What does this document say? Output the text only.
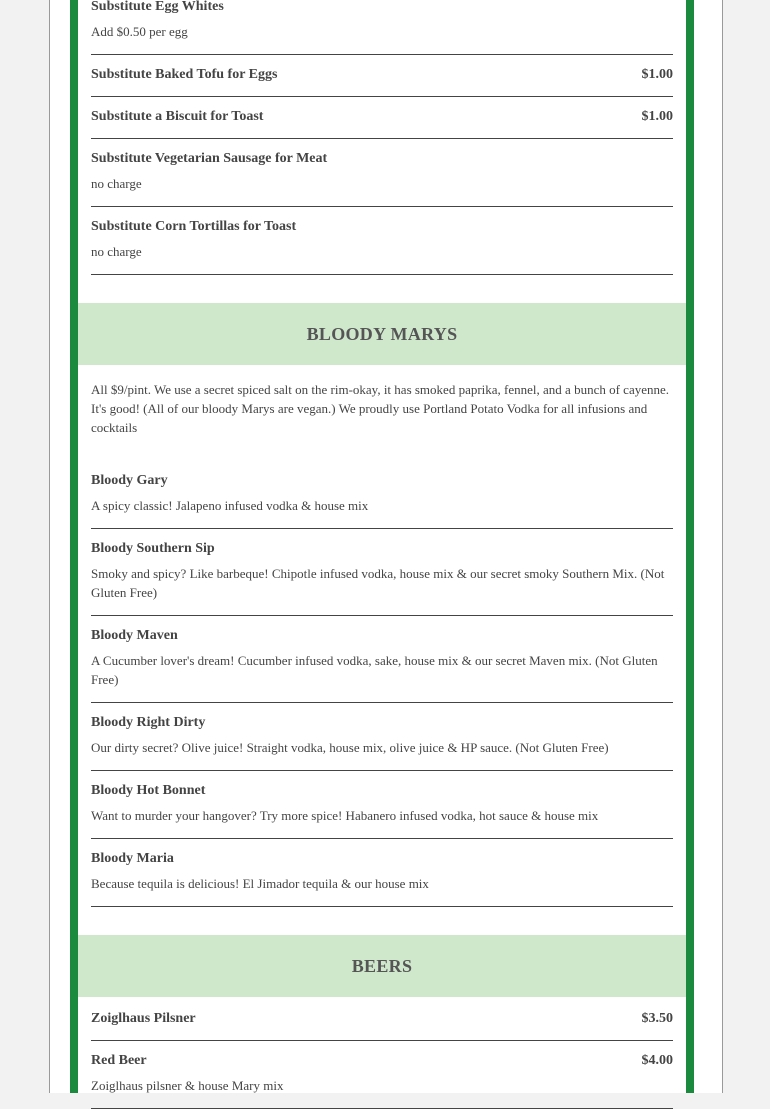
Substitute Egg Whites
Add $0.50 per egg
Substitute Baked Tofu for Eggs	$1.00
Substitute a Biscuit for Toast	$1.00
Substitute Vegetarian Sausage for Meat
no charge
Substitute Corn Tortillas for Toast
no charge
BLOODY MARYS
All $9/pint. We use a secret spiced salt on the rim-okay, it has smoked paprika, fennel, and a bunch of cayenne. It's good! (All of our bloody Marys are vegan.) We proudly use Portland Potato Vodka for all infusions and cocktails
Bloody Gary
A spicy classic! Jalapeno infused vodka & house mix
Bloody Southern Sip
Smoky and spicy? Like barbeque! Chipotle infused vodka, house mix & our secret smoky Southern Mix. (Not Gluten Free)
Bloody Maven
A Cucumber lover's dream! Cucumber infused vodka, sake, house mix & our secret Maven mix. (Not Gluten Free)
Bloody Right Dirty
Our dirty secret? Olive juice! Straight vodka, house mix, olive juice & HP sauce. (Not Gluten Free)
Bloody Hot Bonnet
Want to murder your hangover? Try more spice! Habanero infused vodka, hot sauce & house mix
Bloody Maria
Because tequila is delicious! El Jimador tequila & our house mix
BEERS
Zoiglhaus Pilsner	$3.50
Red Beer	$4.00
Zoiglhaus pilsner & house Mary mix
